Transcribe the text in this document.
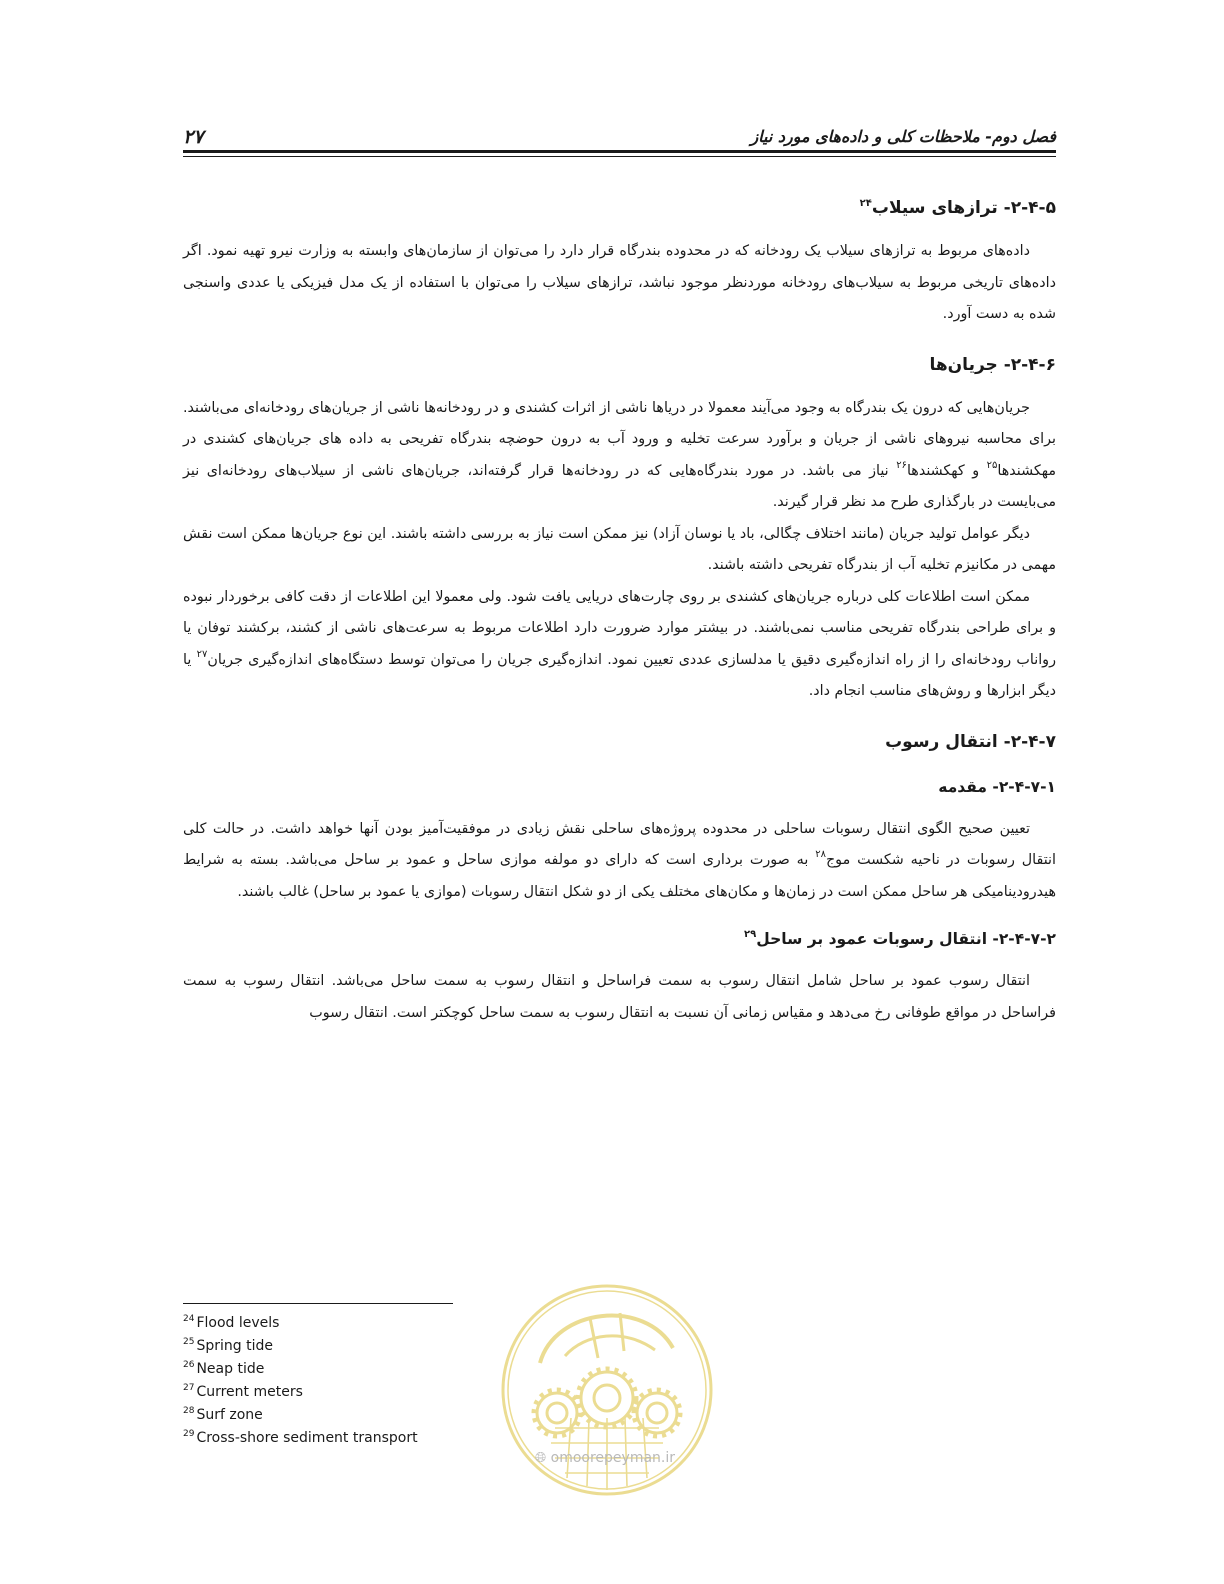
فصل دوم- ملاحظات کلی و داده‌های مورد نیاز
۲۷
۲-۴-۵- ترازهای سیلاب$^{۲۴}$

داده‌های مربوط به ترازهای سیلاب یک رودخانه که در محدوده بندرگاه قرار دارد را می‌توان از سازمان‌های وابسته به وزارت نیرو تهیه نمود. اگر داده‌های تاریخی مربوط به سیلاب‌های رودخانه موردنظر موجود نباشد، ترازهای سیلاب را می‌توان با استفاده از یک مدل فیزیکی یا عددی واسنجی شده به دست آورد.

۲-۴-۶- جریان‌ها

جریان‌هایی که درون یک بندرگاه به وجود می‌آیند معمولا در دریاها ناشی از اثرات کشندی و در رودخانه‌ها ناشی از جریان‌های رودخانه‌ای می‌باشند. برای محاسبه نیروهای ناشی از جریان و برآورد سرعت تخلیه و ورود آب به درون حوضچه بندرگاه تفریحی به داده های جریان‌های کشندی در مهکشندها$^{۲۵}$ و کهکشندها$^{۲۶}$ نیاز می باشد. در مورد بندرگاه‌هایی که در رودخانه‌ها قرار گرفته‌اند، جریان‌های ناشی از سیلاب‌های رودخانه‌ای نیز می‌بایست در بارگذاری طرح مد نظر قرار گیرند.

دیگر عوامل تولید جریان (مانند اختلاف چگالی، باد یا نوسان آزاد) نیز ممکن است نیاز به بررسی داشته باشند. این نوع جریان‌ها ممکن است نقش مهمی در مکانیزم تخلیه آب از بندرگاه تفریحی داشته باشند.

ممکن است اطلاعات کلی درباره جریان‌های کشندی بر روی چارت‌های دریایی یافت شود. ولی معمولا این اطلاعات از دقت کافی برخوردار نبوده و برای طراحی بندرگاه تفریحی مناسب نمی‌باشند. در بیشتر موارد ضرورت دارد اطلاعات مربوط به سرعت‌های ناشی از کشند، برکشند توفان یا رواناب رودخانه‌ای را از راه اندازه‌گیری دقیق یا مدلسازی عددی تعیین نمود. اندازه‌گیری جریان را می‌توان توسط دستگاه‌های اندازه‌گیری جریان$^{۲۷}$ یا دیگر ابزارها و روش‌های مناسب انجام داد.

۲-۴-۷- انتقال رسوب
۲-۴-۷-۱- مقدمه

تعیین صحیح الگوی انتقال رسوبات ساحلی در محدوده پروژه‌های ساحلی نقش زیادی در موفقیت‌آمیز بودن آنها خواهد داشت. در حالت کلی انتقال رسوبات در ناحیه شکست موج$^{۲۸}$ به صورت برداری است که دارای دو مولفه موازی ساحل و عمود بر ساحل می‌باشد. بسته به شرایط هیدرودینامیکی هر ساحل ممکن است در زمان‌ها و مکان‌های مختلف یکی از دو شکل انتقال رسوبات (موازی یا عمود بر ساحل) غالب باشند.

۲-۴-۷-۲- انتقال رسوبات عمود بر ساحل$^{۲۹}$

انتقال رسوب عمود بر ساحل شامل انتقال رسوب به سمت فراساحل و انتقال رسوب به سمت ساحل می‌باشد. انتقال رسوب به سمت فراساحل در مواقع طوفانی رخ می‌دهد و مقیاس زمانی آن نسبت به انتقال رسوب به سمت ساحل کوچکتر است. انتقال رسوب

$^{24}$ Flood levels
$^{25}$ Spring tide
$^{26}$ Neap tide
$^{27}$ Current meters
$^{28}$ Surf zone
$^{29}$ Cross-shore sediment transport
🌐︎ omoorepeyman.ir
